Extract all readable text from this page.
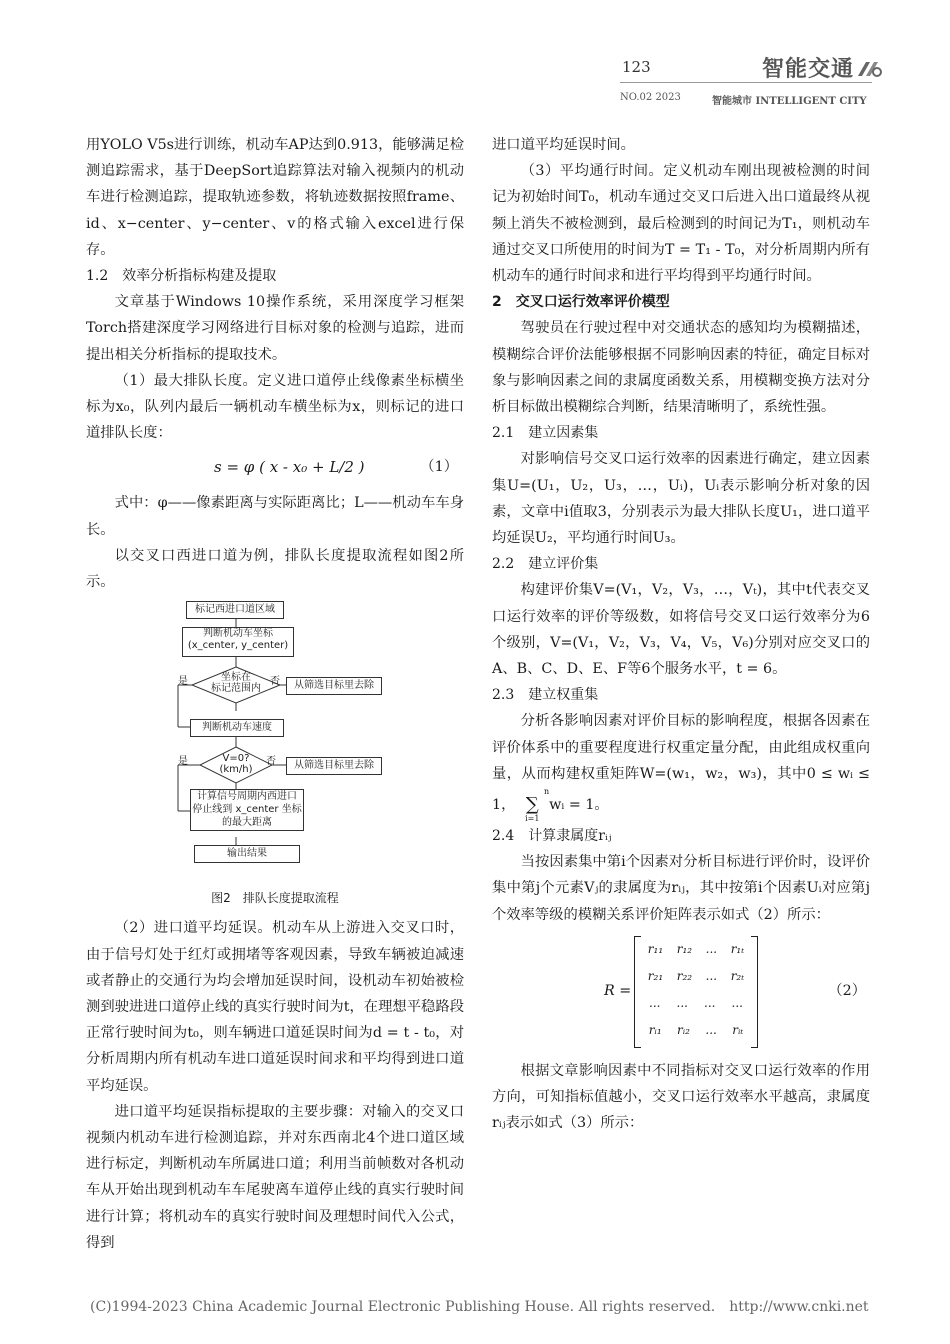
123	智能交通
NO.02 2023	智能城市 INTELLIGENT CITY

用YOLO V5s进行训练，机动车AP达到0.913，能够满足检测追踪需求，基于DeepSort追踪算法对输入视频内的机动车进行检测追踪，提取轨迹参数，将轨迹数据按照frame、id、x−center、y−center、v的格式输入excel进行保存。

1.2　效率分析指标构建及提取

文章基于Windows 10操作系统，采用深度学习框架Torch搭建深度学习网络进行目标对象的检测与追踪，进而提出相关分析指标的提取技术。

（1）最大排队长度。定义进口道停止线像素坐标横坐标为x₀，队列内最后一辆机动车横坐标为x，则标记的进口道排队长度：

s = φ ( x - x₀ + L/2 )	（1）

式中：φ——像素距离与实际距离比；L——机动车车身长。

以交叉口西进口道为例，排队长度提取流程如图2所示。

标记西进口道区域
判断机动车坐标
(x_center, y_center)
坐标在
标记范围内
是	否	从筛选目标里去除
判断机动车速度
V=0?
(km/h)
是	否	从筛选目标里去除
计算信号周期内西进口
停止线到 x_center 坐标
的最大距离
输出结果
图2　排队长度提取流程

（2）进口道平均延误。机动车从上游进入交叉口时，由于信号灯处于红灯或拥堵等客观因素，导致车辆被迫减速或者静止的交通行为均会增加延误时间，设机动车初始被检测到驶进进口道停止线的真实行驶时间为t，在理想平稳路段正常行驶时间为t₀，则车辆进口道延误时间为d = t - t₀，对分析周期内所有机动车进口道延误时间求和平均得到进口道平均延误。

进口道平均延误指标提取的主要步骤：对输入的交叉口视频内机动车进行检测追踪，并对东西南北4个进口道区域进行标定，判断机动车所属进口道；利用当前帧数对各机动车从开始出现到机动车车尾驶离车道停止线的真实行驶时间进行计算；将机动车的真实行驶时间及理想时间代入公式，得到

进口道平均延误时间。

（3）平均通行时间。定义机动车刚出现被检测的时间记为初始时间T₀，机动车通过交叉口后进入出口道最终从视频上消失不被检测到，最后检测到的时间记为T₁，则机动车通过交叉口所使用的时间为T = T₁ - T₀，对分析周期内所有机动车的通行时间求和进行平均得到平均通行时间。

2　交叉口运行效率评价模型

驾驶员在行驶过程中对交通状态的感知均为模糊描述，模糊综合评价法能够根据不同影响因素的特征，确定目标对象与影响因素之间的隶属度函数关系，用模糊变换方法对分析目标做出模糊综合判断，结果清晰明了，系统性强。

2.1　建立因素集

对影响信号交叉口运行效率的因素进行确定，建立因素集U=(U₁，U₂，U₃，…，Uᵢ)，Uᵢ表示影响分析对象的因素，文章中i值取3，分别表示为最大排队长度U₁，进口道平均延误U₂，平均通行时间U₃。

2.2　建立评价集

构建评价集V=(V₁，V₂，V₃，…，Vₜ)，其中t代表交叉口运行效率的评价等级数，如将信号交叉口运行效率分为6个级别，V=(V₁，V₂，V₃，V₄，V₅，V₆)分别对应交叉口的A、B、C、D、E、F等6个服务水平，t = 6。

2.3　建立权重集

分析各影响因素对评价目标的影响程度，根据各因素在评价体系中的重要程度进行权重定量分配，由此组成权重向量，从而构建权重矩阵W=(w₁，w₂，w₃)，其中0 ≤ wᵢ ≤ 1，n
∑
i=1wᵢ = 1。

2.4　计算隶属度rᵢⱼ

当按因素集中第i个因素对分析目标进行评价时，设评价集中第j个元素Vⱼ的隶属度为rᵢⱼ，其中按第i个因素Uᵢ对应第j个效率等级的模糊关系评价矩阵表示如式（2）所示：

R =
r₁₁ r₁₂ ... r₁ₜ
r₂₁ r₂₂ ... r₂ₜ
... ... ... ...
rᵢ₁ rᵢ₂ ... rᵢₜ
（2）

根据文章影响因素中不同指标对交叉口运行效率的作用方向，可知指标值越小，交叉口运行效率水平越高，隶属度rᵢⱼ表示如式（3）所示：

(C)1994-2023 China Academic Journal Electronic Publishing House. All rights reserved.　http://www.cnki.net
